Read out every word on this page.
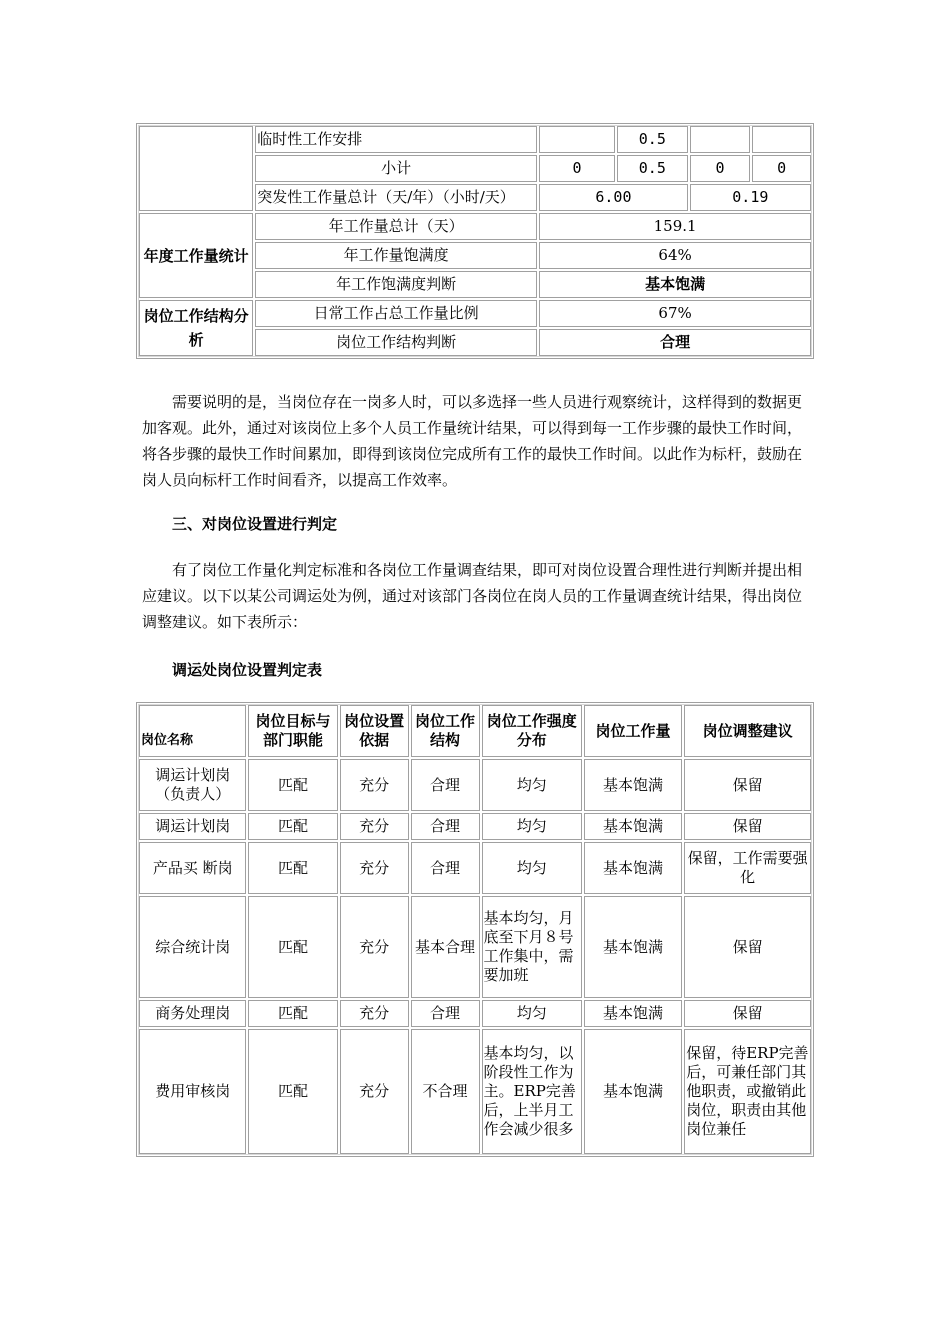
	临时性工作安排		0.5		
	小计	0	0.5	0	0
	突发性工作量总计（天/年）（小时/天）	6.00		0.19	
年度工作量统计	年工作量总计（天）	159.1			
	年工作量饱满度	64%			
	年工作饱满度判断	基本饱满			
岗位工作结构分析	日常工作占总工作量比例	67%			
	岗位工作结构判断	合理			

需要说明的是，当岗位存在一岗多人时，可以多选择一些人员进行观察统计，这样得到的数据更加客观。此外，通过对该岗位上多个人员工作量统计结果，可以得到每一工作步骤的最快工作时间，将各步骤的最快工作时间累加，即得到该岗位完成所有工作的最快工作时间。以此作为标杆，鼓励在岗人员向标杆工作时间看齐，以提高工作效率。

三、对岗位设置进行判定

有了岗位工作量化判定标准和各岗位工作量调查结果，即可对岗位设置合理性进行判断并提出相应建议。以下以某公司调运处为例，通过对该部门各岗位在岗人员的工作量调查统计结果，得出岗位调整建议。如下表所示：

调运处岗位设置判定表
岗位名称	岗位目标与部门职能	岗位设置依据	岗位工作结构	岗位工作强度分布	岗位工作量	岗位调整建议
调运计划岗（负责人）	匹配	充分	合理	均匀	基本饱满	保留
调运计划岗	匹配	充分	合理	均匀	基本饱满	保留
产品买 断岗	匹配	充分	合理	均匀	基本饱满	保留，工作需要强化
综合统计岗	匹配	充分	基本合理	基本均匀，月底至下月８号工作集中，需要加班	基本饱满	保留
商务处理岗	匹配	充分	合理	均匀	基本饱满	保留
费用审核岗	匹配	充分	不合理	基本均匀，以阶段性工作为主。ERP完善后，上半月工作会减少很多	基本饱满	保留，待ERP完善后，可兼任部门其他职责，或撤销此岗位，职责由其他岗位兼任
